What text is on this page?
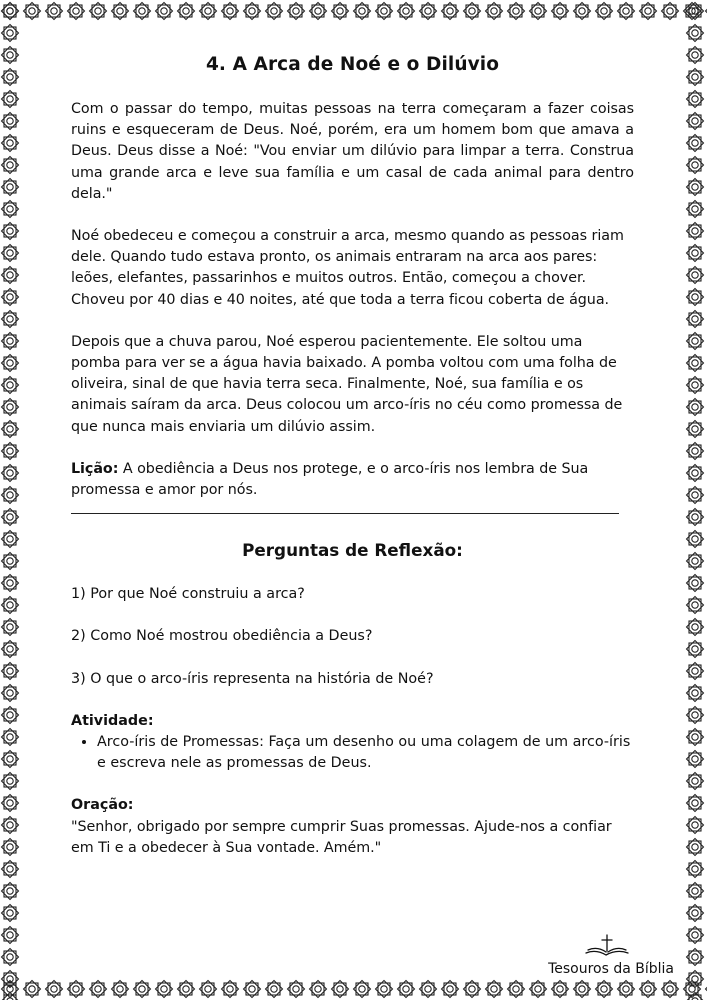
4. A Arca de Noé e o Dilúvio

Com o passar do tempo, muitas pessoas na terra começaram a fazer coisas ruins e esqueceram de Deus. Noé, porém, era um homem bom que amava a Deus. Deus disse a Noé: "Vou enviar um dilúvio para limpar a terra. Construa uma grande arca e leve sua família e um casal de cada animal para dentro dela."

Noé obedeceu e começou a construir a arca, mesmo quando as pessoas riam dele. Quando tudo estava pronto, os animais entraram na arca aos pares: leões, elefantes, passarinhos e muitos outros. Então, começou a chover. Choveu por 40 dias e 40 noites, até que toda a terra ficou coberta de água.

Depois que a chuva parou, Noé esperou pacientemente. Ele soltou uma pomba para ver se a água havia baixado. A pomba voltou com uma folha de oliveira, sinal de que havia terra seca. Finalmente, Noé, sua família e os animais saíram da arca. Deus colocou um arco-íris no céu como promessa de que nunca mais enviaria um dilúvio assim.

Lição: A obediência a Deus nos protege, e o arco-íris nos lembra de Sua promessa e amor por nós.

Perguntas de Reflexão:

1) Por que Noé construiu a arca?

2) Como Noé mostrou obediência a Deus?

3) O que o arco-íris representa na história de Noé?

Atividade:

• Arco-íris de Promessas: Faça um desenho ou uma colagem de um arco-íris e escreva nele as promessas de Deus.

Oração:

"Senhor, obrigado por sempre cumprir Suas promessas. Ajude-nos a confiar em Ti e a obedecer à Sua vontade. Amém."

Tesouros da Bíblia
